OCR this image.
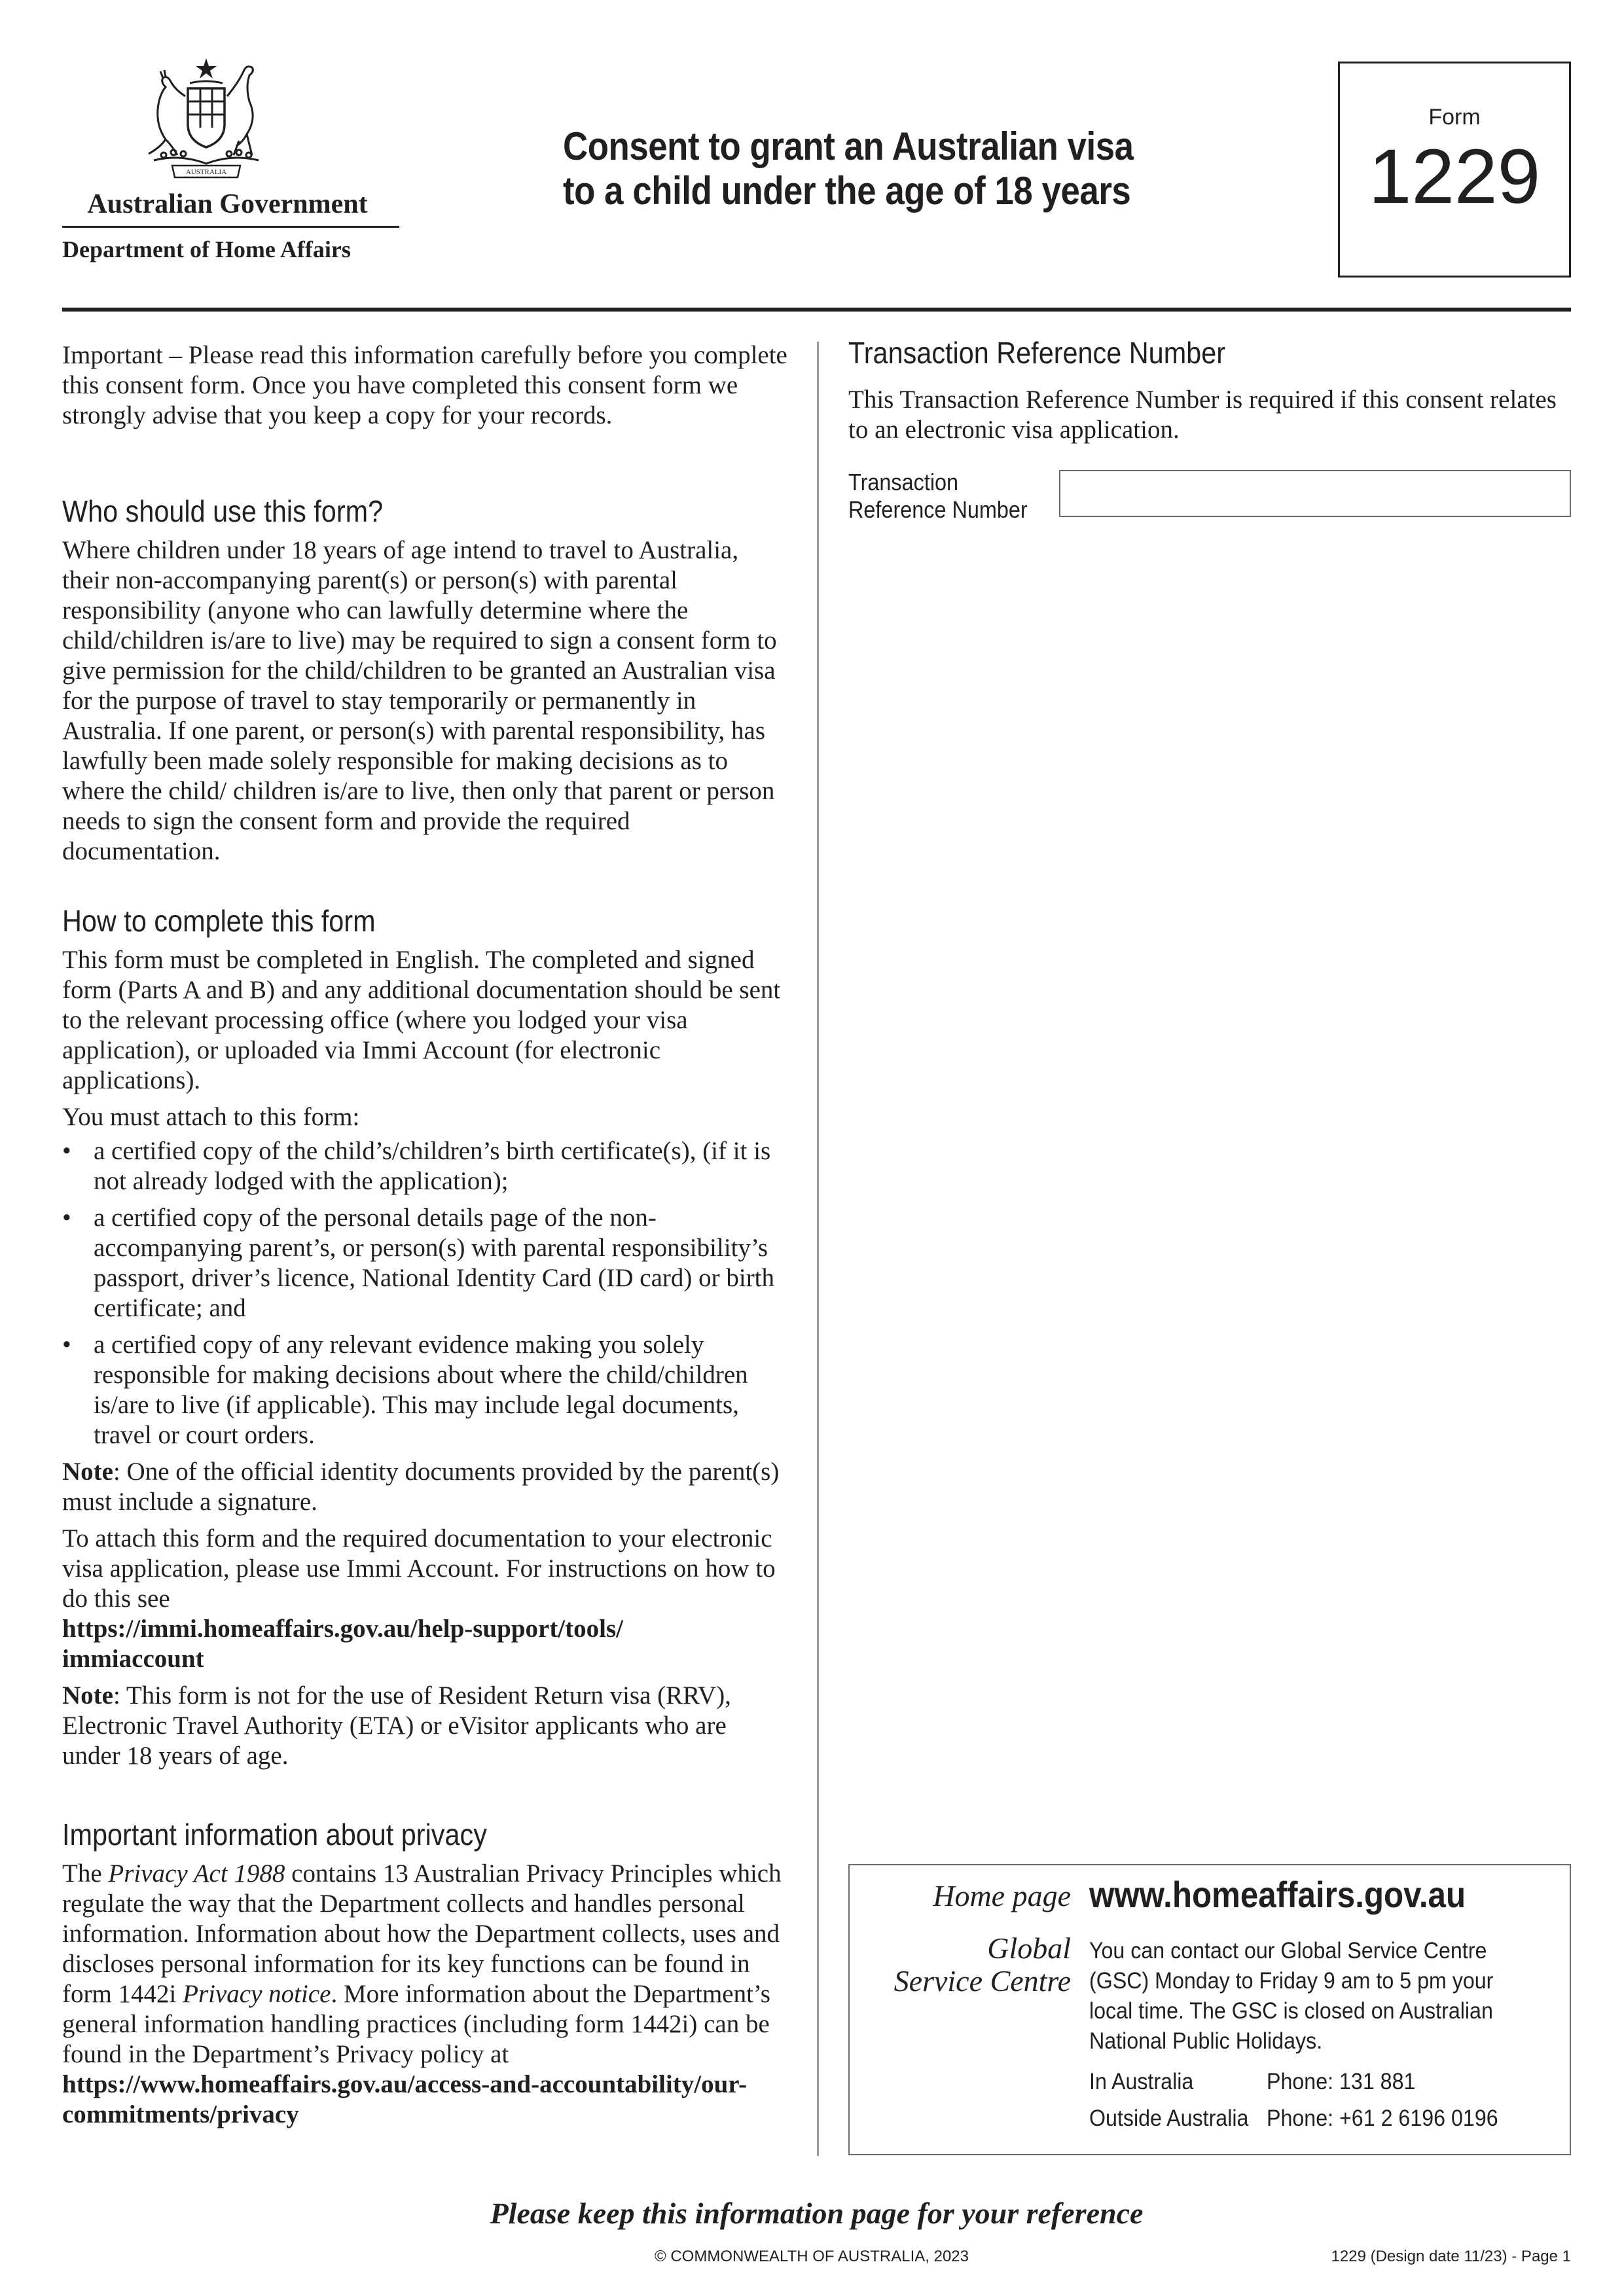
AUSTRALIA
Australian Government
Department of Home Affairs
Consent to grant an Australian visa
to a child under the age of 18 years
Form
1229

Important – Please read this information carefully before you complete this consent form. Once you have completed this consent form we strongly advise that you keep a copy for your records.

Who should use this form?

Where children under 18 years of age intend to travel to Australia, their non-accompanying parent(s) or person(s) with parental responsibility (anyone who can lawfully determine where the child/children is/are to live) may be required to sign a consent form to give permission for the child/children to be granted an Australian visa for the purpose of travel to stay temporarily or permanently in Australia. If one parent, or person(s) with parental responsibility, has lawfully been made solely responsible for making decisions as to where the child/ children is/are to live, then only that parent or person needs to sign the consent form and provide the required documentation.

How to complete this form

This form must be completed in English. The completed and signed form (Parts A and B) and any additional documentation should be sent to the relevant processing office (where you lodged your visa application), or uploaded via Immi Account (for electronic applications).

You must attach to this form:

• a certified copy of the child’s/children’s birth certificate(s), (if it is not already lodged with the application);
• a certified copy of the personal details page of the non-accompanying parent’s, or person(s) with parental responsibility’s passport, driver’s licence, National Identity Card (ID card) or birth certificate; and
• a certified copy of any relevant evidence making you solely responsible for making decisions about where the child/children is/are to live (if applicable). This may include legal documents, travel or court orders.

Note: One of the official identity documents provided by the parent(s) must include a signature.

To attach this form and the required documentation to your electronic visa application, please use Immi Account. For instructions on how to do this see
https://immi.homeaffairs.gov.au/help-support/tools/ immiaccount

Note: This form is not for the use of Resident Return visa (RRV), Electronic Travel Authority (ETA) or eVisitor applicants who are under 18 years of age.

Important information about privacy

The Privacy Act 1988 contains 13 Australian Privacy Principles which regulate the way that the Department collects and handles personal information. Information about how the Department collects, uses and discloses personal information for its key functions can be found in form 1442i Privacy notice. More information about the Department’s general information handling practices (including form 1442i) can be found in the Department’s Privacy policy at https://www.homeaffairs.gov.au/access-and-accountability/our-commitments/privacy

Transaction Reference Number

This Transaction Reference Number is required if this consent relates to an electronic visa application.

Transaction
Reference Number
Home page www.homeaffairs.gov.au
Global
Service Centre
You can contact our Global Service Centre (GSC) Monday to Friday 9 am to 5 pm your local time. The GSC is closed on Australian National Public Holidays.
In Australia	Phone: 131 881
Outside Australia Phone: +61 2 6196 0196
Please keep this information page for your reference
© COMMONWEALTH OF AUSTRALIA, 2023	1229 (Design date 11/23) - Page 1
